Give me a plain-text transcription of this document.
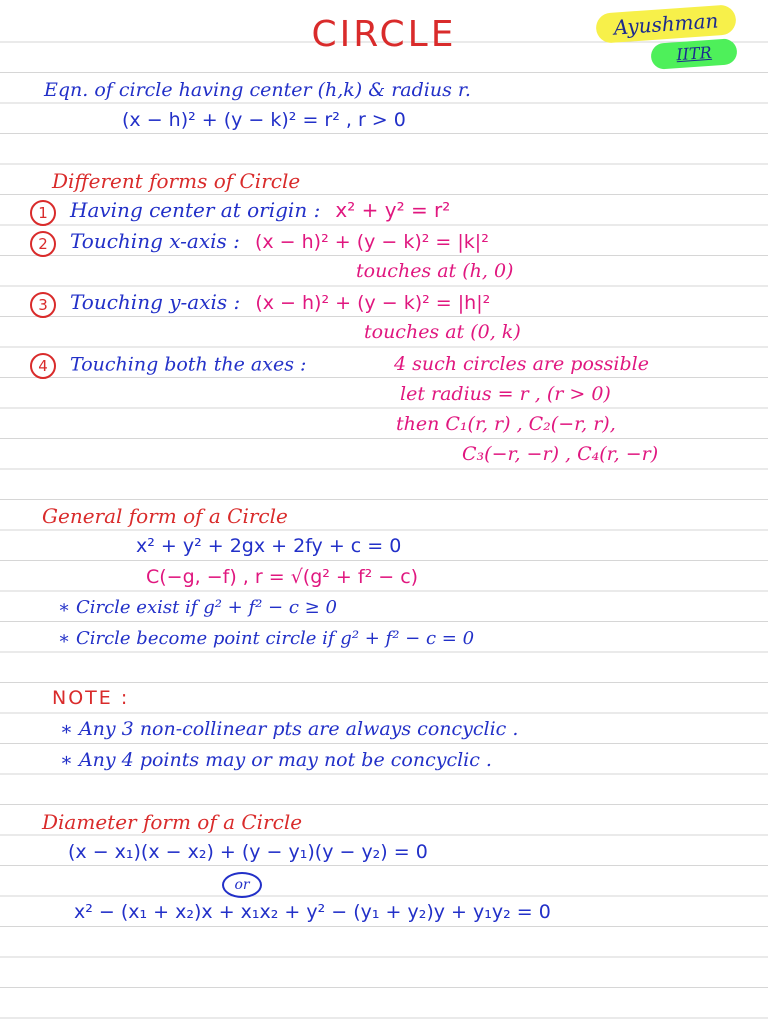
CIRCLE	Ayushman
IITR
Eqn. of circle having center (h,k) & radius r.
(x − h)² + (y − k)² = r² , r > 0
Different forms of Circle
1 Having center at origin : x² + y² = r²
2 Touching x-axis : (x − h)² + (y − k)² = |k|²
touches at (h, 0)
3 Touching y-axis : (x − h)² + (y − k)² = |h|²
touches at (0, k)
4 Touching both the axes :	4 such circles are possible
let radius = r , (r > 0)
then C₁(r, r) , C₂(−r, r),
C₃(−r, −r) , C₄(r, −r)
General form of a Circle
x² + y² + 2gx + 2fy + c = 0
C(−g, −f) , r = √(g² + f² − c)
∗ Circle exist if g² + f² − c ≥ 0
∗ Circle become point circle if g² + f² − c = 0
NOTE :
∗ Any 3 non-collinear pts are always concyclic .
∗ Any 4 points may or may not be concyclic .
Diameter form of a Circle
(x − x₁)(x − x₂) + (y − y₁)(y − y₂) = 0
or
x² − (x₁ + x₂)x + x₁x₂ + y² − (y₁ + y₂)y + y₁y₂ = 0
